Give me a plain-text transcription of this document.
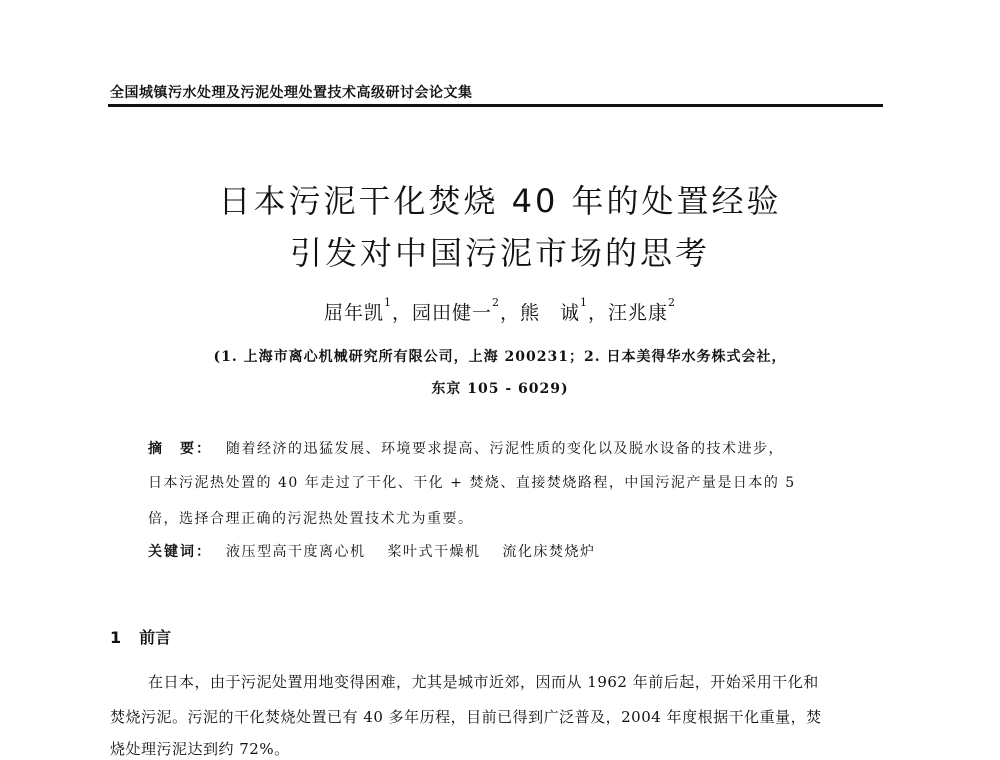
全国城镇污水处理及污泥处理处置技术高级研讨会论文集
日本污泥干化焚烧 40 年的处置经验
引发对中国污泥市场的思考
屈年凯$^1$，园田健一$^2$，熊　诚$^1$，汪兆康$^2$
(1. 上海市离心机械研究所有限公司，上海 200231；2. 日本美得华水务株式会社，
东京 105 - 6029)
摘　要： 随着经济的迅猛发展、环境要求提高、污泥性质的变化以及脱水设备的技术进步，
日本污泥热处置的 40 年走过了干化、干化 + 焚烧、直接焚烧路程，中国污泥产量是日本的 5
倍，选择合理正确的污泥热处置技术尤为重要。
关键词： 液压型高干度离心机 桨叶式干燥机 流化床焚烧炉
1 前言
在日本，由于污泥处置用地变得困难，尤其是城市近郊，因而从 1962 年前后起，开始采用干化和
焚烧污泥。污泥的干化焚烧处置已有 40 多年历程，目前已得到广泛普及，2004 年度根据干化重量，焚
烧处理污泥达到约 72%。
